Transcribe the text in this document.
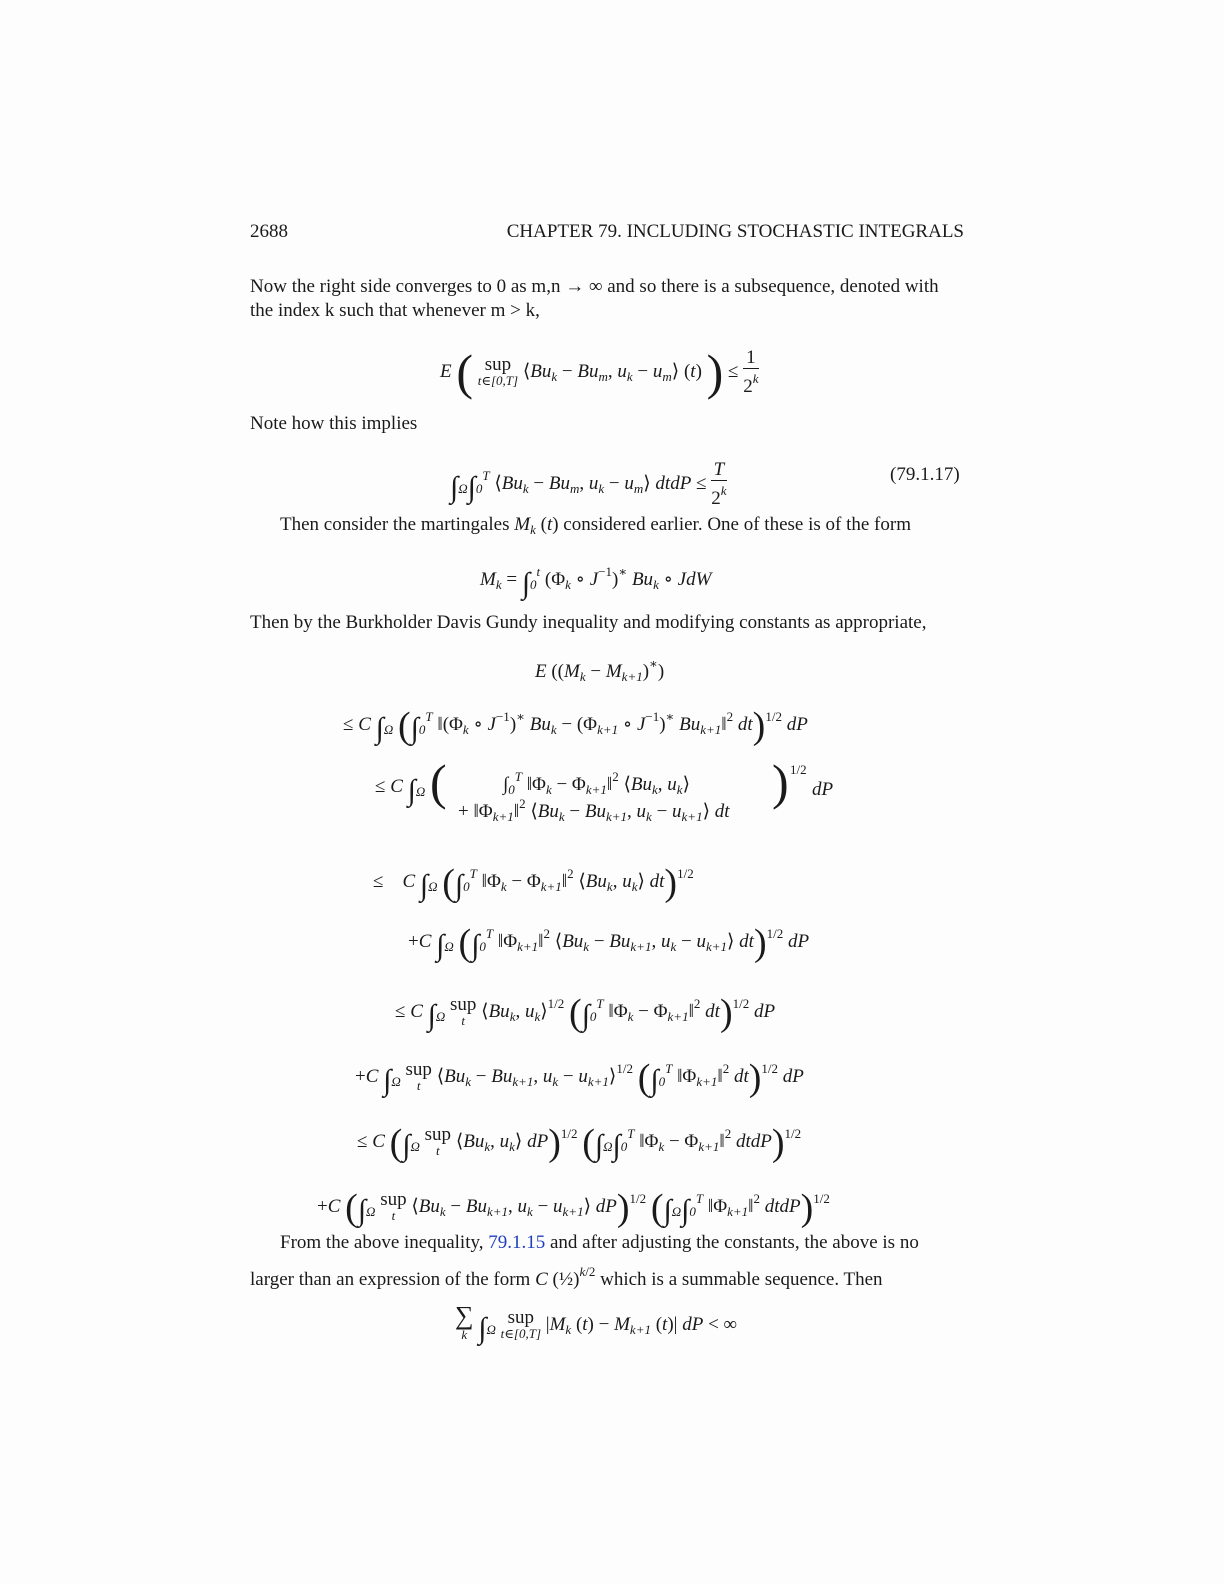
2688	CHAPTER 79. INCLUDING STOCHASTIC INTEGRALS
Now the right side converges to 0 as m,n → ∞ and so there is a subsequence, denoted with
the index k such that whenever m > k,
E ( sup
t∈[0,T] $⟨Bu_k - Bu_m$, $u_k$ − $u_m⟩$ (t) ) ≤ $\frac{1}{2^k}$
Note how this implies
$\int_\Omega\int_0^T$ $⟨Bu_k - Bu_m$, $u_k$ − $u_m⟩$ dtdP ≤ $\frac{T}{2^k}$	(79.1.17)
Then consider the martingales $M_k$ (t) considered earlier. One of these is of the form
$M_k = \int_0^t$ ($\Phi_k$ ∘ $J^{-1})^∗$ $Bu_k$ ∘ JdW
Then by the Burkholder Davis Gundy inequality and modifying constants as appropriate,
E $((M_k - M_{k+1})^∗)$
≤ C $\int_\Omega$ ($\int_0^T$ $‖(\Phi_k$ ∘ $J^{-1})^∗$ $Bu_k - (\Phi_{k+1}$ ∘ $J^{-1})^∗$ $Bu_{k+1}‖^2$ dt)$^{1/2}$ dP
≤ C $\int_\Omega$	$\int_0^T$ $‖\Phi_k$ − $\Phi_{k+1}‖^2$ $⟨Bu_k$, $u_k⟩$
+ $‖\Phi_{k+1}‖^2$ $⟨Bu_k - Bu_{k+1}$, $u_k$ − $u_{k+1}⟩$ dt
(	) 1/2
dP
≤    C $\int_\Omega$ ($\int_0^T$ $‖\Phi_k$ − $\Phi_{k+1}‖^2$ $⟨Bu_k$, $u_k⟩$ dt)$^{1/2}$
+C $\int_\Omega$ ($\int_0^T$ $‖\Phi_{k+1}‖^2$ $⟨Bu_k - Bu_{k+1}$, $u_k$ − $u_{k+1}⟩$ dt)$^{1/2}$ dP
≤ C $\int_\Omega$ sup
t $⟨Bu_k$, $u_k⟩^{1/2}$ ($\int_0^T$ $‖\Phi_k$ − $\Phi_{k+1}‖^2$ dt)$^{1/2}$ dP
+C $\int_\Omega$ sup
t $⟨Bu_k - Bu_{k+1}$, $u_k$ − $u_{k+1}⟩^{1/2}$ ($\int_0^T$ $‖\Phi_{k+1}‖^2$ dt)$^{1/2}$ dP
≤ C ($\int_\Omega$ sup
t $⟨Bu_k$, $u_k⟩$ dP)$^{1/2}$ ($\int_\Omega\int_0^T$ $‖\Phi_k$ − $\Phi_{k+1}‖^2$ dtdP)$^{1/2}$
+C ($\int_\Omega$ sup
t $⟨Bu_k - Bu_{k+1}$, $u_k$ − $u_{k+1}⟩$ dP)$^{1/2}$ ($\int_\Omega\int_0^T$ $‖\Phi_{k+1}‖^2$ dtdP)$^{1/2}$
From the above inequality, 79.1.15 and after adjusting the constants, the above is no
larger than an expression of the form C (½)$^{k/2}$ which is a summable sequence. Then
∑
k $\int_\Omega$ sup
t∈[0,T] $|M_k$ $(t) - M_{k+1}$ (t)| dP < ∞
